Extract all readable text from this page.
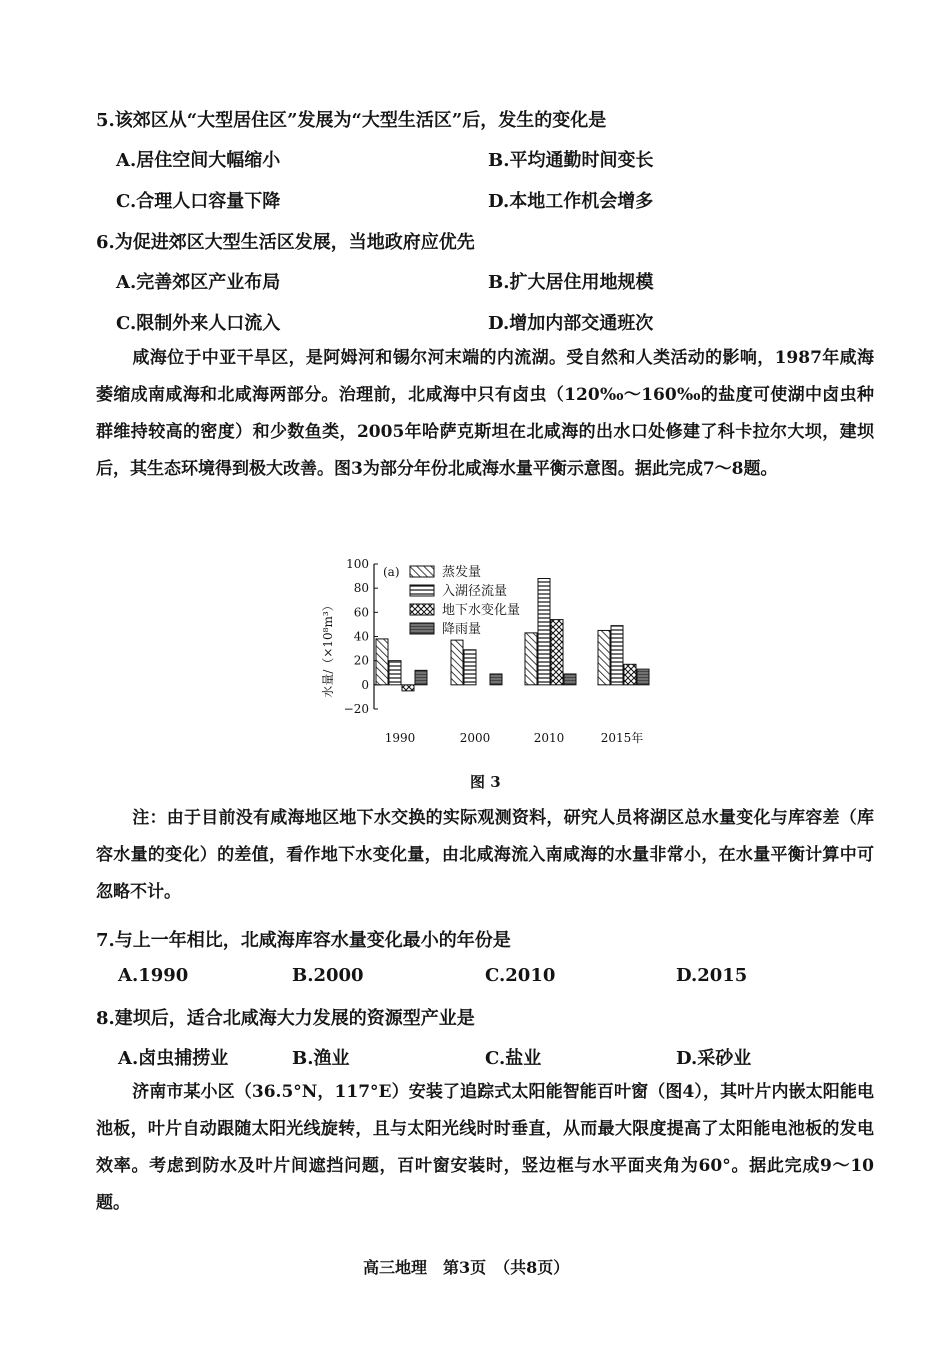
5.该郊区从“大型居住区”发展为“大型生活区”后，发生的变化是
A.居住空间大幅缩小	B.平均通勤时间变长
C.合理人口容量下降	D.本地工作机会增多
6.为促进郊区大型生活区发展，当地政府应优先
A.完善郊区产业布局	B.扩大居住用地规模
C.限制外来人口流入	D.增加内部交通班次
咸海位于中亚干旱区，是阿姆河和锡尔河末端的内流湖。受自然和人类活动的影响，1987年咸海萎缩成南咸海和北咸海两部分。治理前，北咸海中只有卤虫（120‰～160‰的盐度可使湖中卤虫种群维持较高的密度）和少数鱼类，2005年哈萨克斯坦在北咸海的出水口处修建了科卡拉尔大坝，建坝后，其生态环境得到极大改善。图3为部分年份北咸海水量平衡示意图。据此完成7～8题。
100
80
60
40
20
0
−20
水量/（×10⁸m³）
(a)
1990	2000	2010	2015年
蒸发量
入湖径流量
地下水变化量
降雨量
图 3
注：由于目前没有咸海地区地下水交换的实际观测资料，研究人员将湖区总水量变化与库容差（库容水量的变化）的差值，看作地下水变化量，由北咸海流入南咸海的水量非常小，在水量平衡计算中可忽略不计。
7.与上一年相比，北咸海库容水量变化最小的年份是
A.1990	B.2000	C.2010	D.2015
8.建坝后，适合北咸海大力发展的资源型产业是
A.卤虫捕捞业	B.渔业	C.盐业	D.采砂业
济南市某小区（36.5°N，117°E）安装了追踪式太阳能智能百叶窗（图4），其叶片内嵌太阳能电池板，叶片自动跟随太阳光线旋转，且与太阳光线时时垂直，从而最大限度提高了太阳能电池板的发电效率。考虑到防水及叶片间遮挡问题，百叶窗安装时，竖边框与水平面夹角为60°。据此完成9～10题。
高三地理　第3页　（共8页）
